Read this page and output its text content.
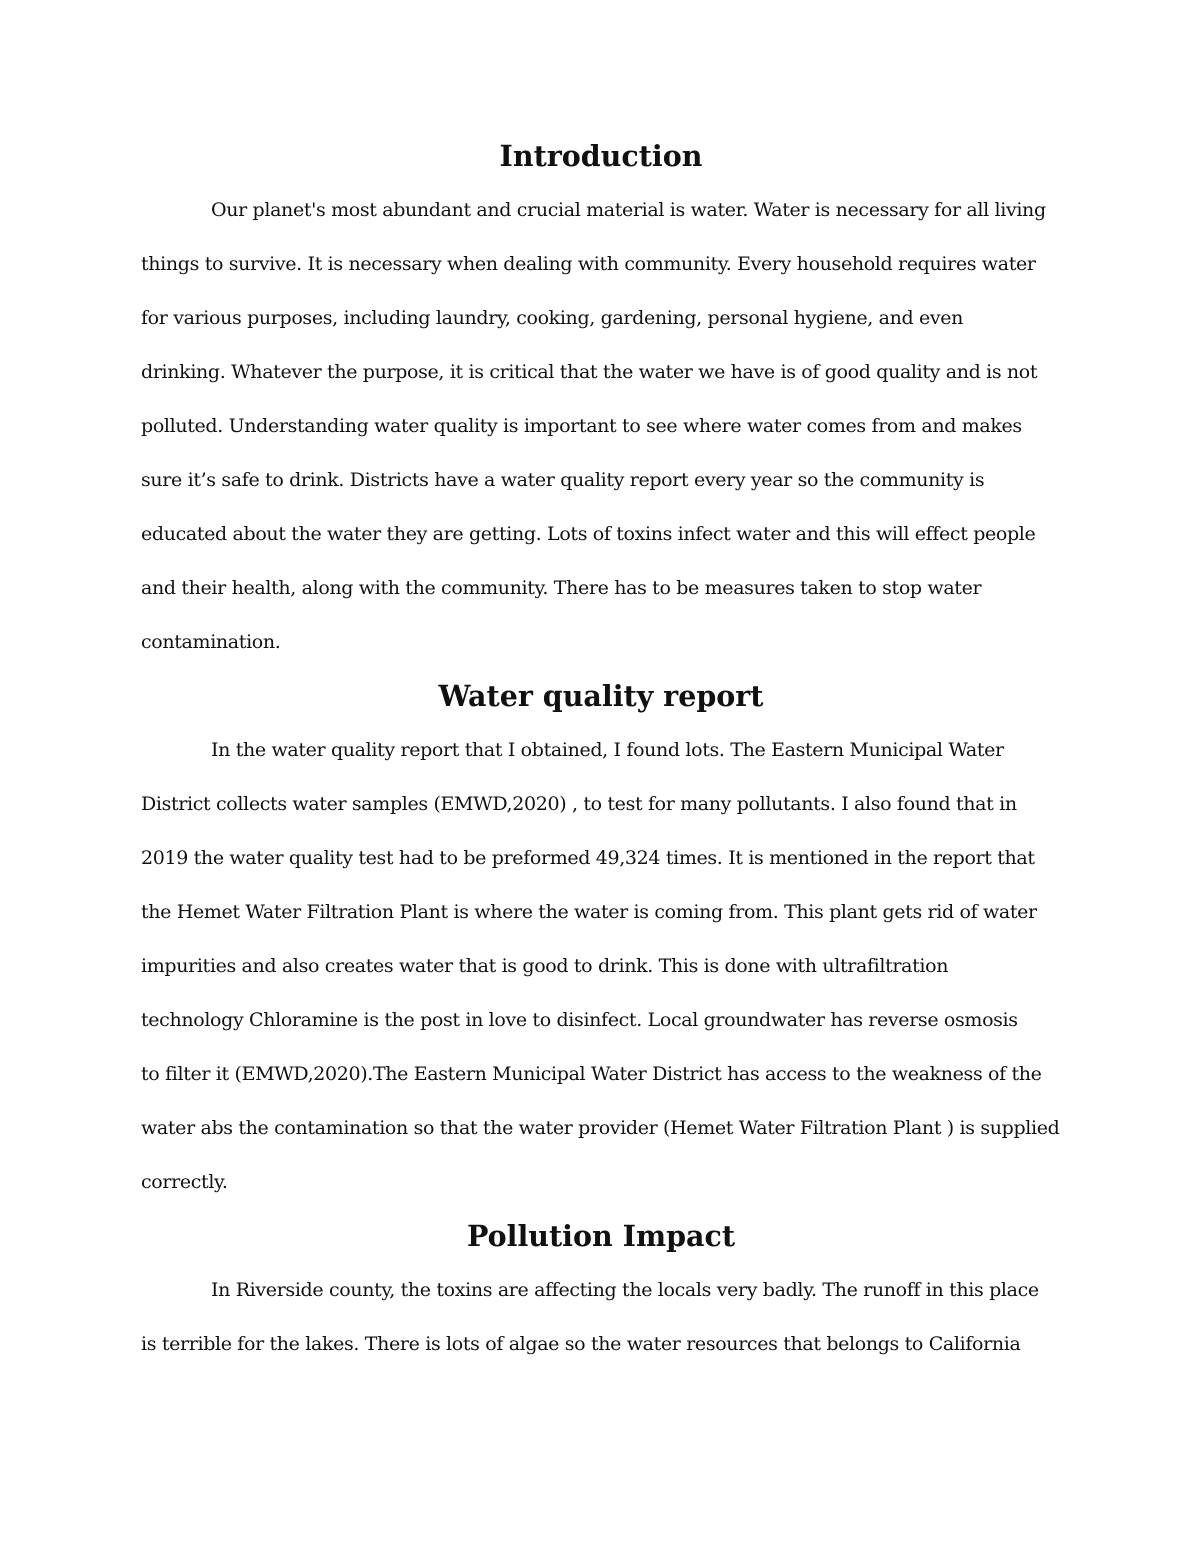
Introduction
Our planet's most abundant and crucial material is water. Water is necessary for all living
things to survive. It is necessary when dealing with community. Every household requires water
for various purposes, including laundry, cooking, gardening, personal hygiene, and even
drinking. Whatever the purpose, it is critical that the water we have is of good quality and is not
polluted. Understanding water quality is important to see where water comes from and makes
sure it’s safe to drink. Districts have a water quality report every year so the community is
educated about the water they are getting. Lots of toxins infect water and this will effect people
and their health, along with the community. There has to be measures taken to stop water
contamination.
Water quality report
In the water quality report that I obtained, I found lots. The Eastern Municipal Water
District collects water samples (EMWD,2020) , to test for many pollutants. I also found that in
2019 the water quality test had to be preformed 49,324 times. It is mentioned in the report that
the Hemet Water Filtration Plant is where the water is coming from. This plant gets rid of water
impurities and also creates water that is good to drink. This is done with ultrafiltration
technology Chloramine is the post in love to disinfect. Local groundwater has reverse osmosis
to filter it (EMWD,2020).The Eastern Municipal Water District has access to the weakness of the
water abs the contamination so that the water provider (Hemet Water Filtration Plant ) is supplied
correctly.
Pollution Impact
In Riverside county, the toxins are affecting the locals very badly. The runoff in this place
is terrible for the lakes. There is lots of algae so the water resources that belongs to California
